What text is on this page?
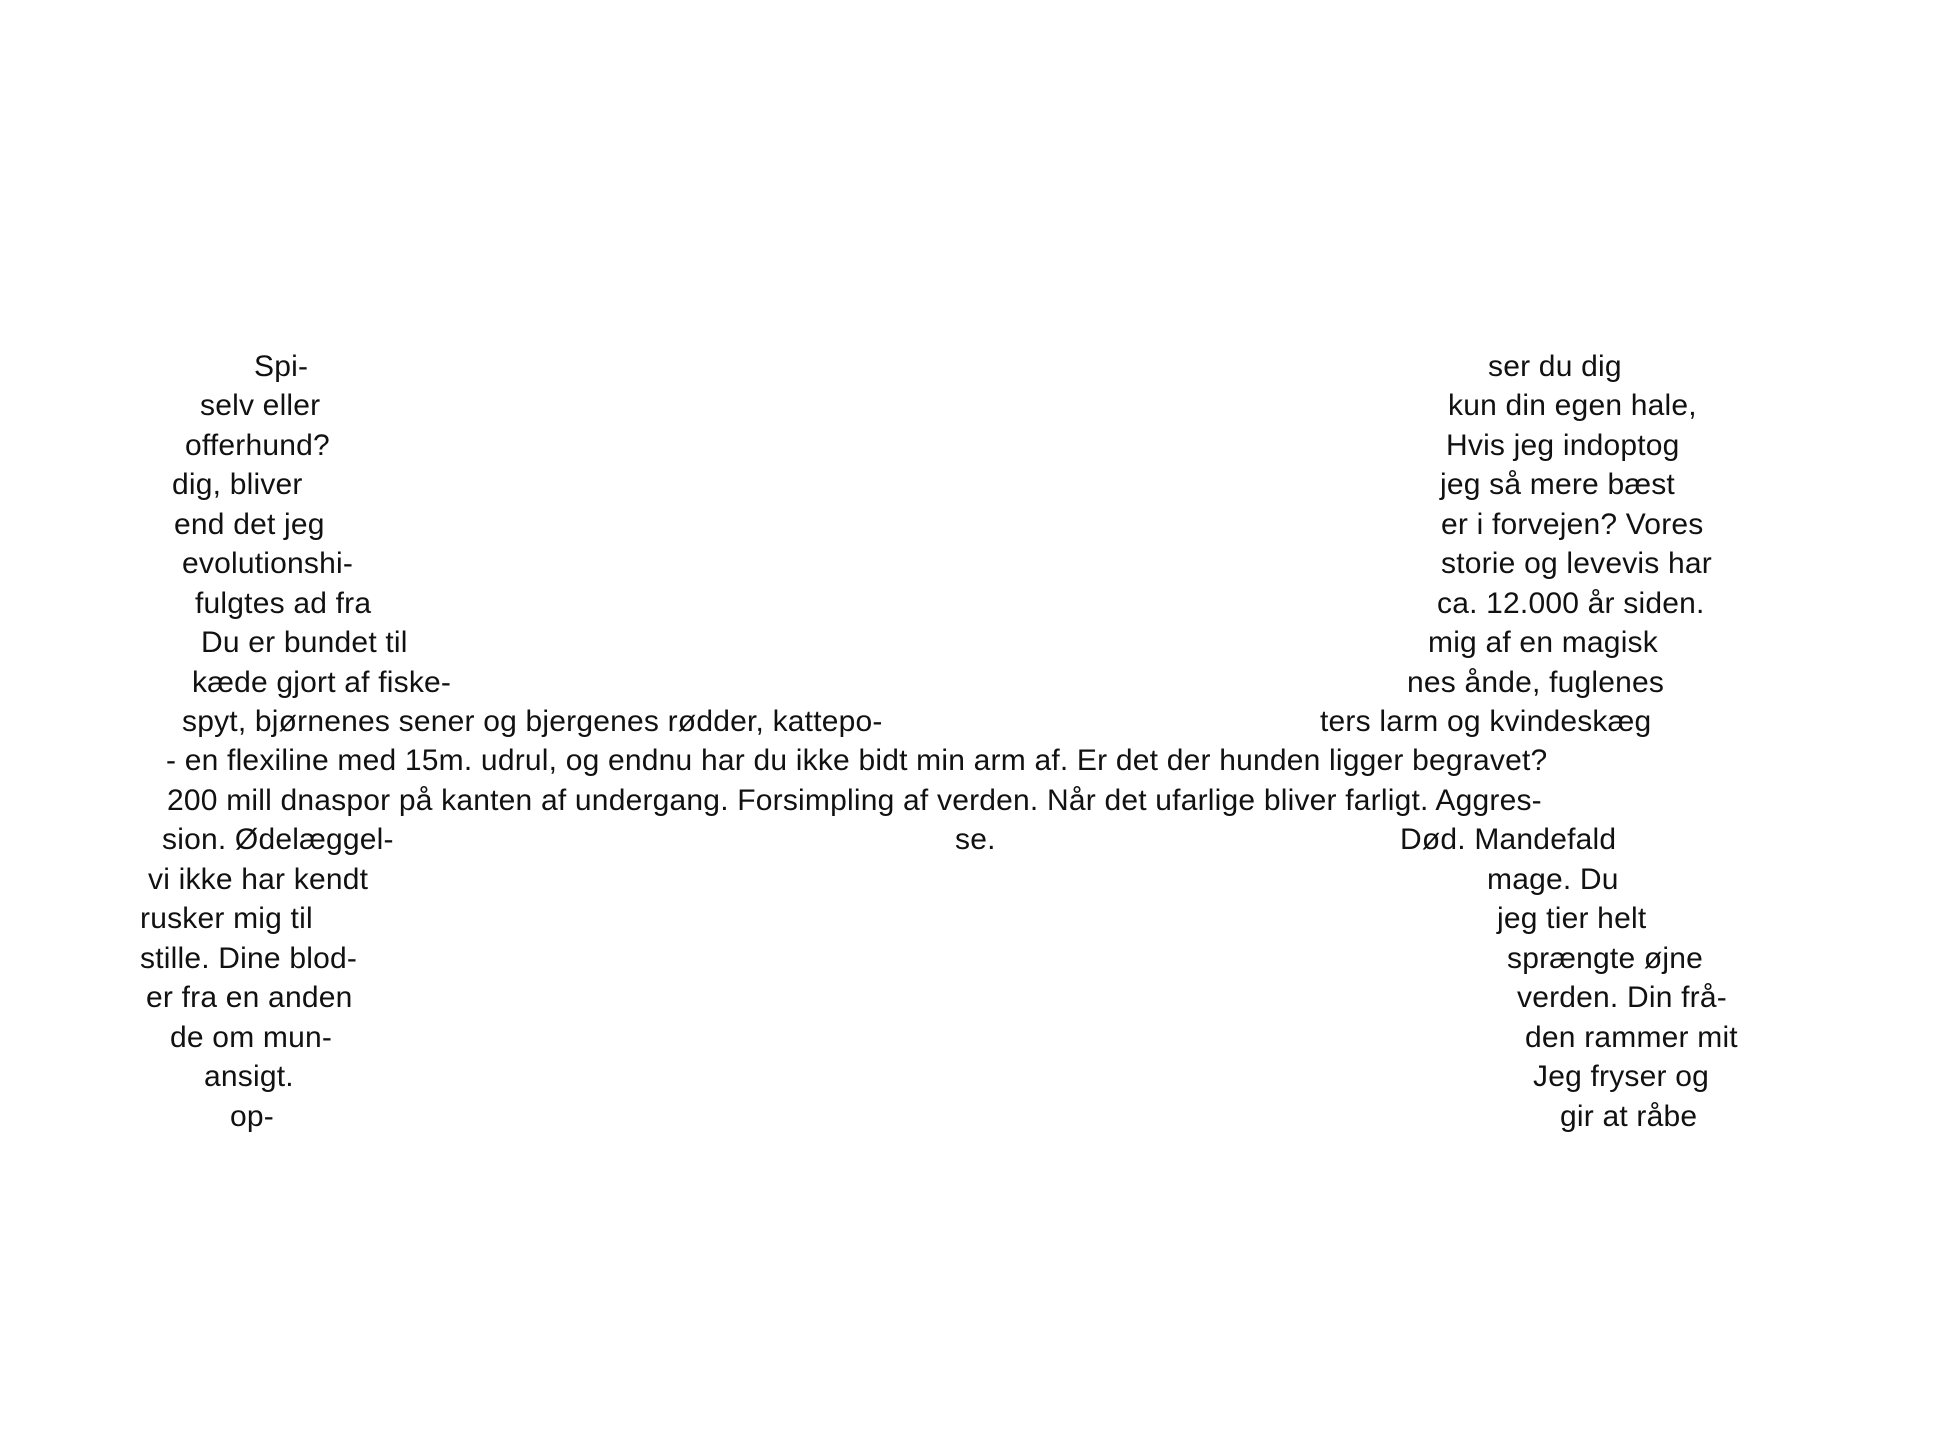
Spi-
selv eller
offerhund?
dig, bliver
end det jeg
evolutionshi-
fulgtes ad fra
Du er bundet til
kæde gjort af fiske-
spyt, bjørnenes sener og bjergenes rødder, kattepo-
- en flexiline med 15m. udrul, og endnu har du ikke bidt min arm af. Er det der hunden ligger begravet?
200 mill dnaspor på kanten af undergang. Forsimpling af verden. Når det ufarlige bliver farligt. Aggres-
sion. Ødelæggel-
vi ikke har kendt
rusker mig til
stille. Dine blod-
er fra en anden
de om mun-
ansigt.
op-
se.
ser du dig
kun din egen hale,
Hvis jeg indoptog
jeg så mere bæst
er i forvejen? Vores
storie og levevis har
ca. 12.000 år siden.
mig af en magisk
nes ånde, fuglenes
ters larm og kvindeskæg
Død. Mandefald
mage. Du
jeg tier helt
sprængte øjne
verden. Din frå-
den rammer mit
Jeg fryser og
gir at råbe
